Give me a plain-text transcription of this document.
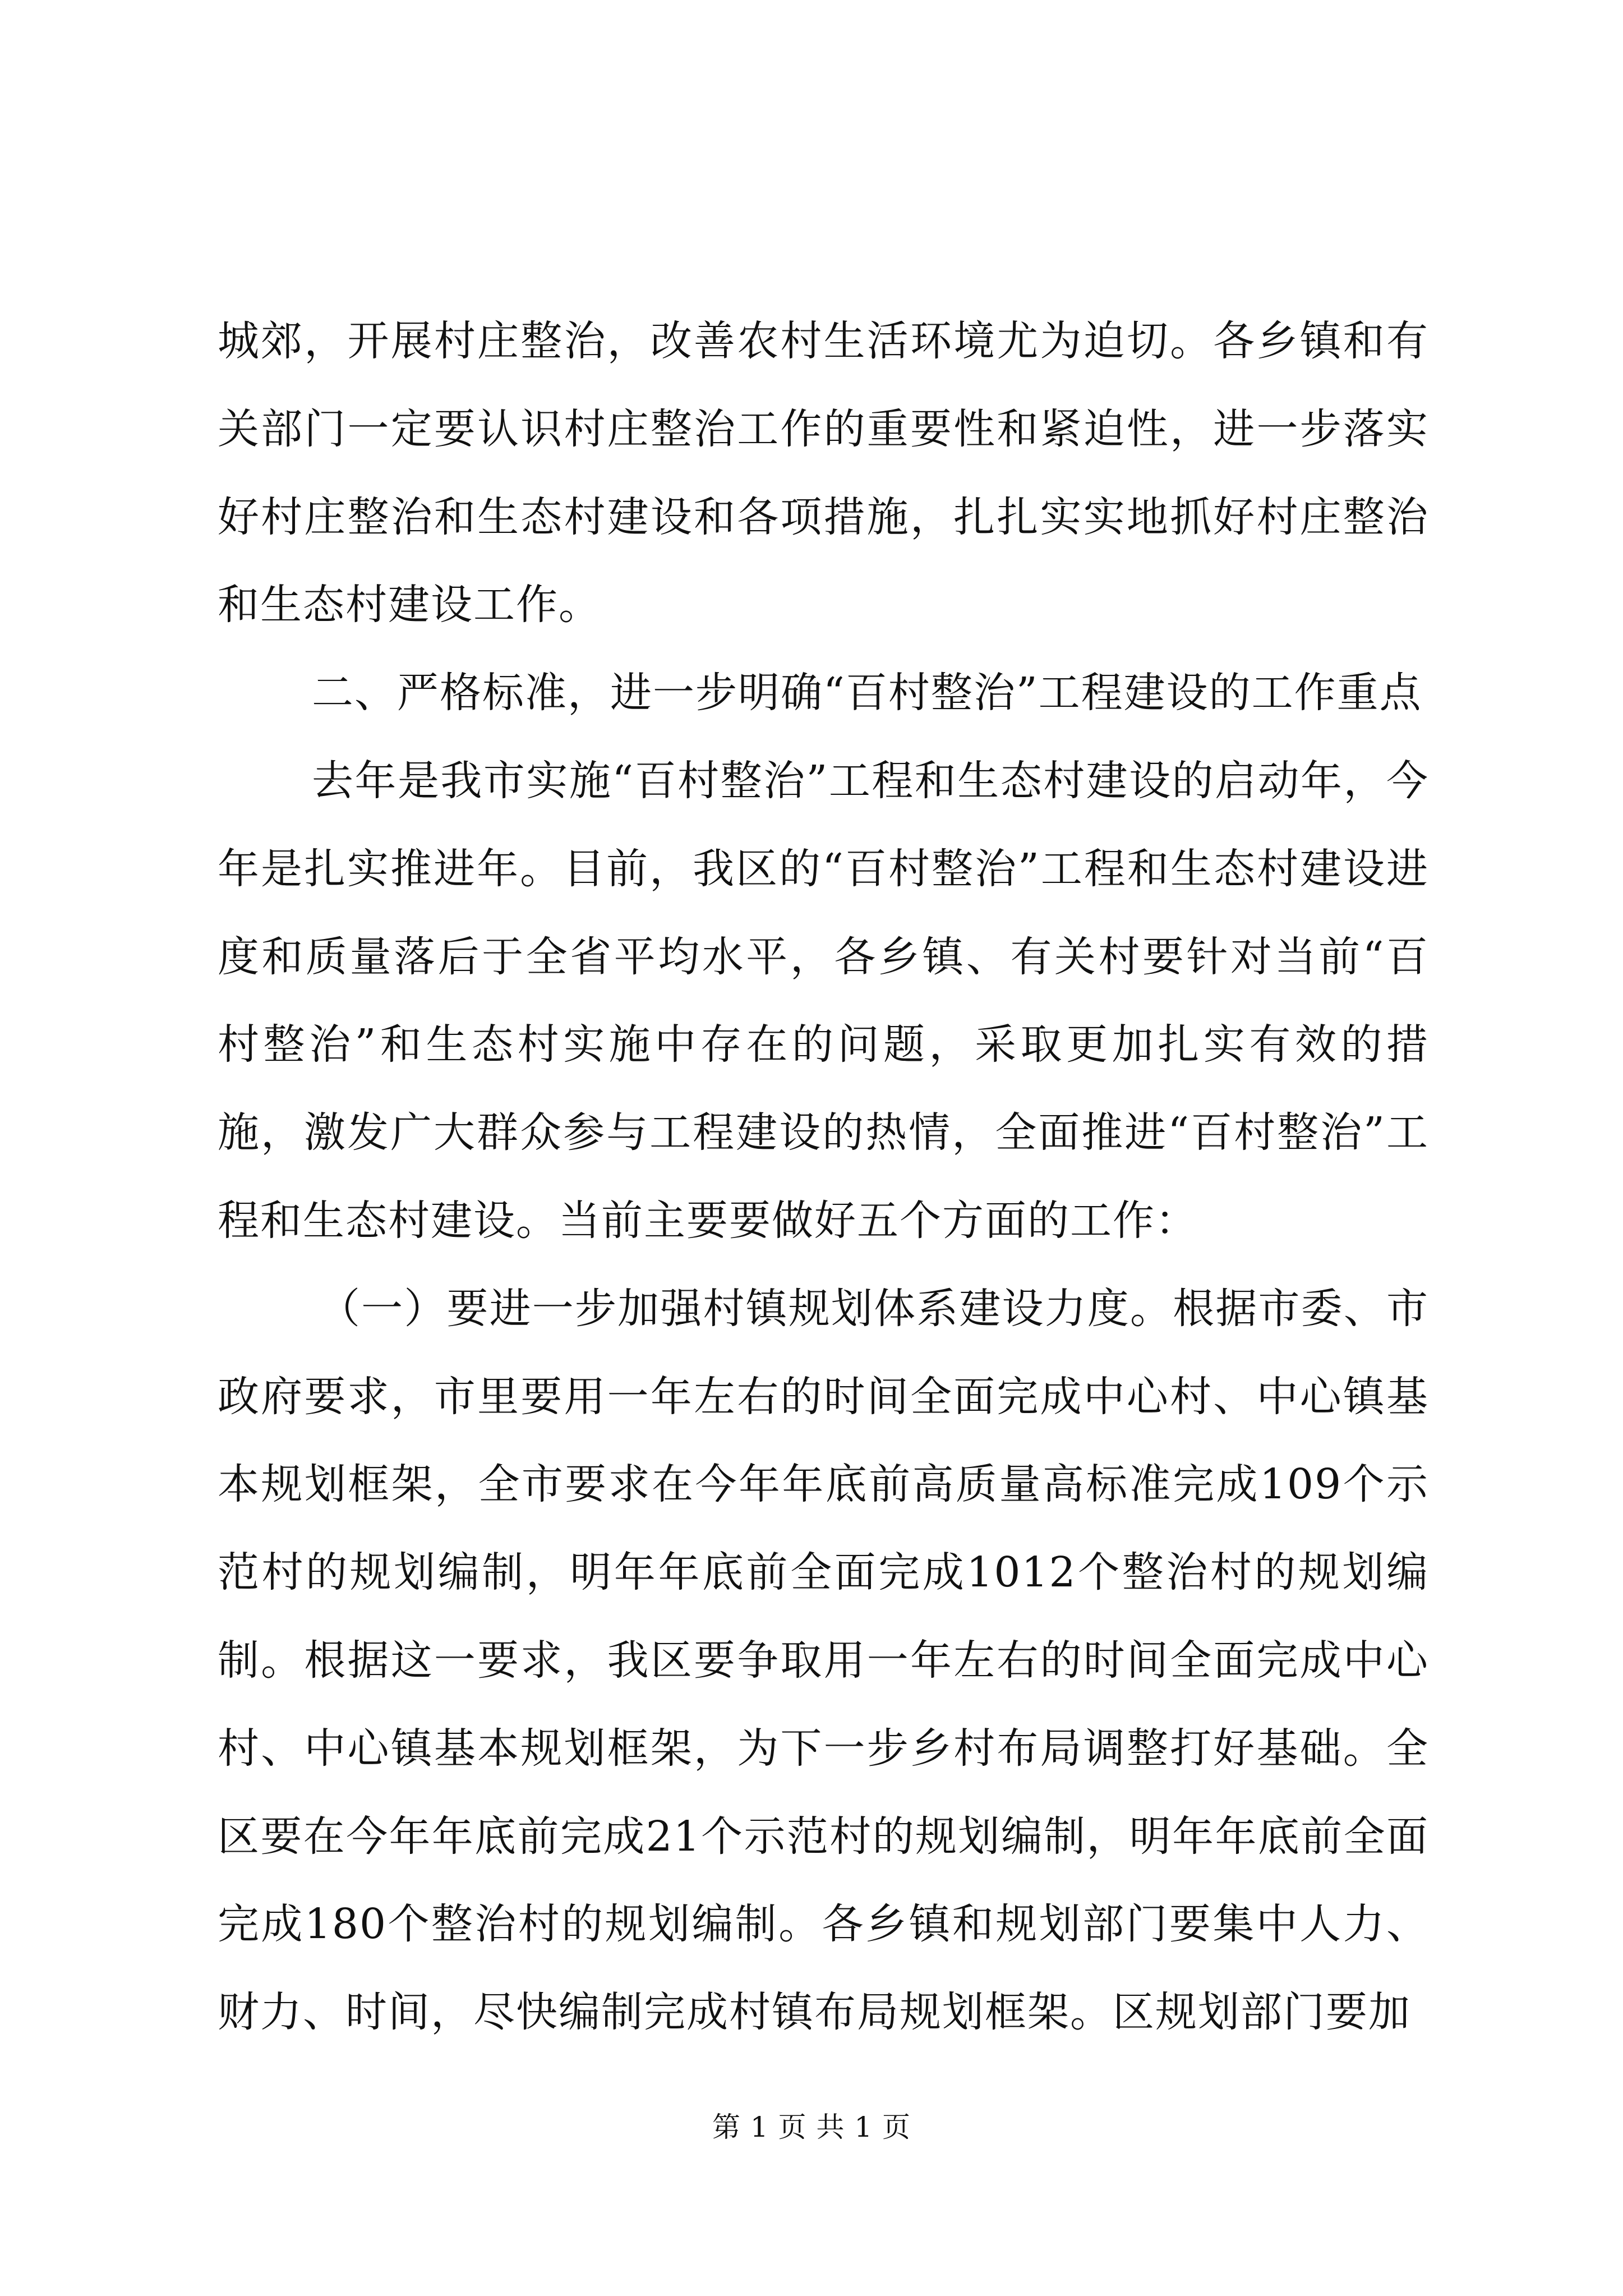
城郊，开展村庄整治，改善农村生活环境尤为迫切。各乡镇和有关部门一定要认识村庄整治工作的重要性和紧迫性，进一步落实好村庄整治和生态村建设和各项措施，扎扎实实地抓好村庄整治和生态村建设工作。

二、严格标准，进一步明确“百村整治”工程建设的工作重点

去年是我市实施“百村整治”工程和生态村建设的启动年，今年是扎实推进年。目前，我区的“百村整治”工程和生态村建设进度和质量落后于全省平均水平，各乡镇、有关村要针对当前“百村整治”和生态村实施中存在的问题，采取更加扎实有效的措施，激发广大群众参与工程建设的热情，全面推进“百村整治”工程和生态村建设。当前主要要做好五个方面的工作：

（一）要进一步加强村镇规划体系建设力度。根据市委、市政府要求，市里要用一年左右的时间全面完成中心村、中心镇基本规划框架，全市要求在今年年底前高质量高标准完成109个示范村的规划编制，明年年底前全面完成1012个整治村的规划编制。根据这一要求，我区要争取用一年左右的时间全面完成中心村、中心镇基本规划框架，为下一步乡村布局调整打好基础。全区要在今年年底前完成21个示范村的规划编制，明年年底前全面完成180个整治村的规划编制。各乡镇和规划部门要集中人力、财力、时间，尽快编制完成村镇布局规划框架。区规划部门要加

第 1 页 共 1 页
